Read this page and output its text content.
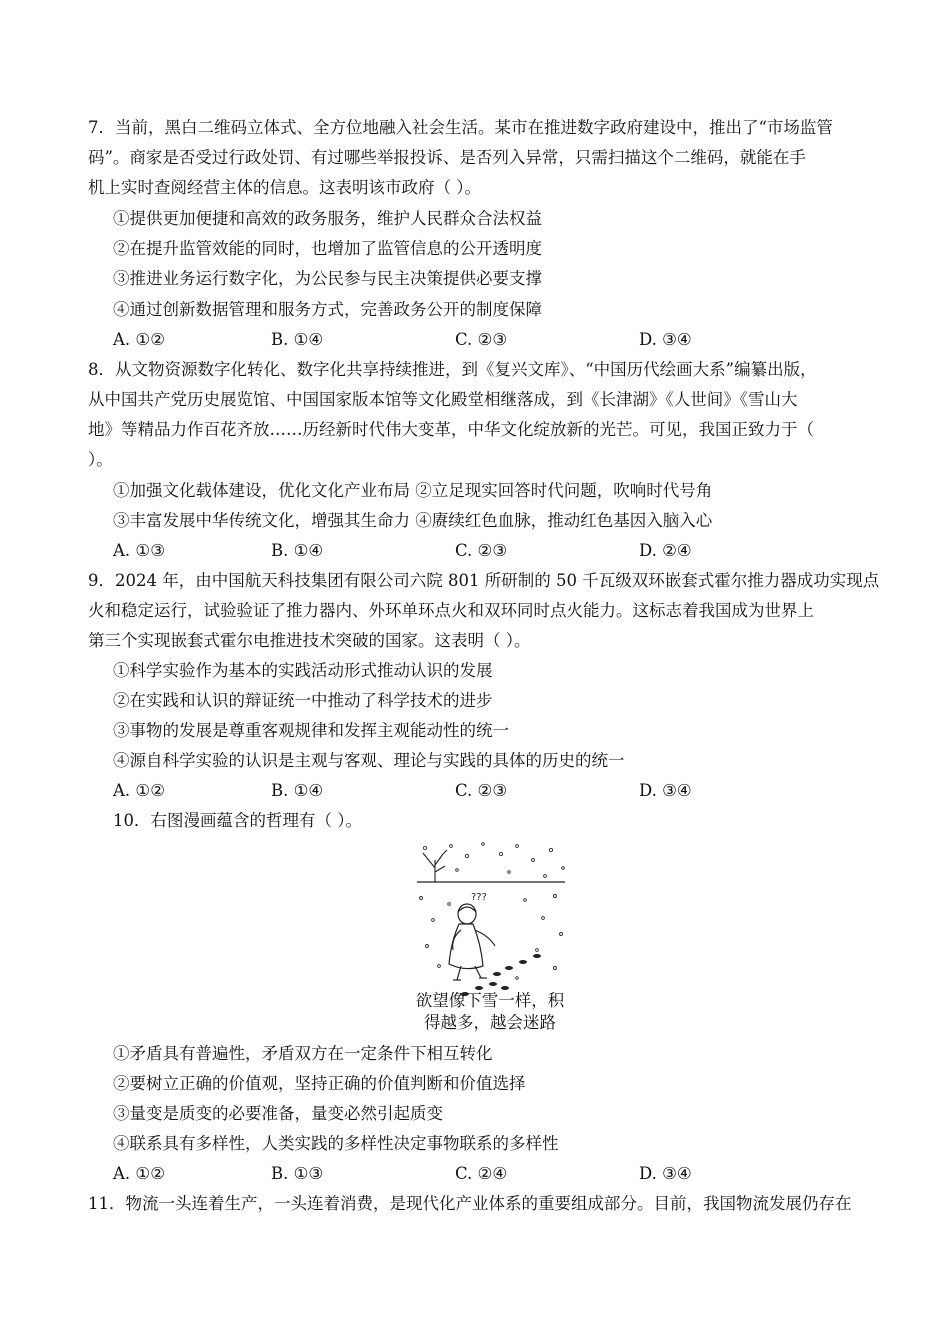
7．当前，黑白二维码立体式、全方位地融入社会生活。某市在推进数字政府建设中，推出了“市场监管
码”。商家是否受过行政处罚、有过哪些举报投诉、是否列入异常，只需扫描这个二维码，就能在手
机上实时查阅经营主体的信息。这表明该市政府（ ）。
①提供更加便捷和高效的政务服务，维护人民群众合法权益
②在提升监管效能的同时，也增加了监管信息的公开透明度
③推进业务运行数字化，为公民参与民主决策提供必要支撑
④通过创新数据管理和服务方式，完善政务公开的制度保障
A. ①②	B. ①④	C. ②③	D. ③④
8．从文物资源数字化转化、数字化共享持续推进，到《复兴文库》、“中国历代绘画大系”编纂出版，
从中国共产党历史展览馆、中国国家版本馆等文化殿堂相继落成，到《长津湖》《人世间》《雪山大
地》等精品力作百花齐放……历经新时代伟大变革，中华文化绽放新的光芒。可见，我国正致力于（
）。
①加强文化载体建设，优化文化产业布局 ②立足现实回答时代问题，吹响时代号角
③丰富发展中华传统文化，增强其生命力 ④赓续红色血脉，推动红色基因入脑入心
A. ①③	B. ①④	C. ②③	D. ②④
9．2024 年，由中国航天科技集团有限公司六院 801 所研制的 50 千瓦级双环嵌套式霍尔推力器成功实现点
火和稳定运行，试验验证了推力器内、外环单环点火和双环同时点火能力。这标志着我国成为世界上
第三个实现嵌套式霍尔电推进技术突破的国家。这表明（ ）。
①科学实验作为基本的实践活动形式推动认识的发展
②在实践和认识的辩证统一中推动了科学技术的进步
③事物的发展是尊重客观规律和发挥主观能动性的统一
④源自科学实验的认识是主观与客观、理论与实践的具体的历史的统一
A. ①②	B. ①④	C. ②③	D. ③④
10．右图漫画蕴含的哲理有（ ）。
???
欲望像下雪一样，积
得越多，越会迷路
①矛盾具有普遍性，矛盾双方在一定条件下相互转化
②要树立正确的价值观，坚持正确的价值判断和价值选择
③量变是质变的必要准备，量变必然引起质变
④联系具有多样性，人类实践的多样性决定事物联系的多样性
A. ①②	B. ①③	C. ②④	D. ③④
11．物流一头连着生产，一头连着消费，是现代化产业体系的重要组成部分。目前，我国物流发展仍存在
